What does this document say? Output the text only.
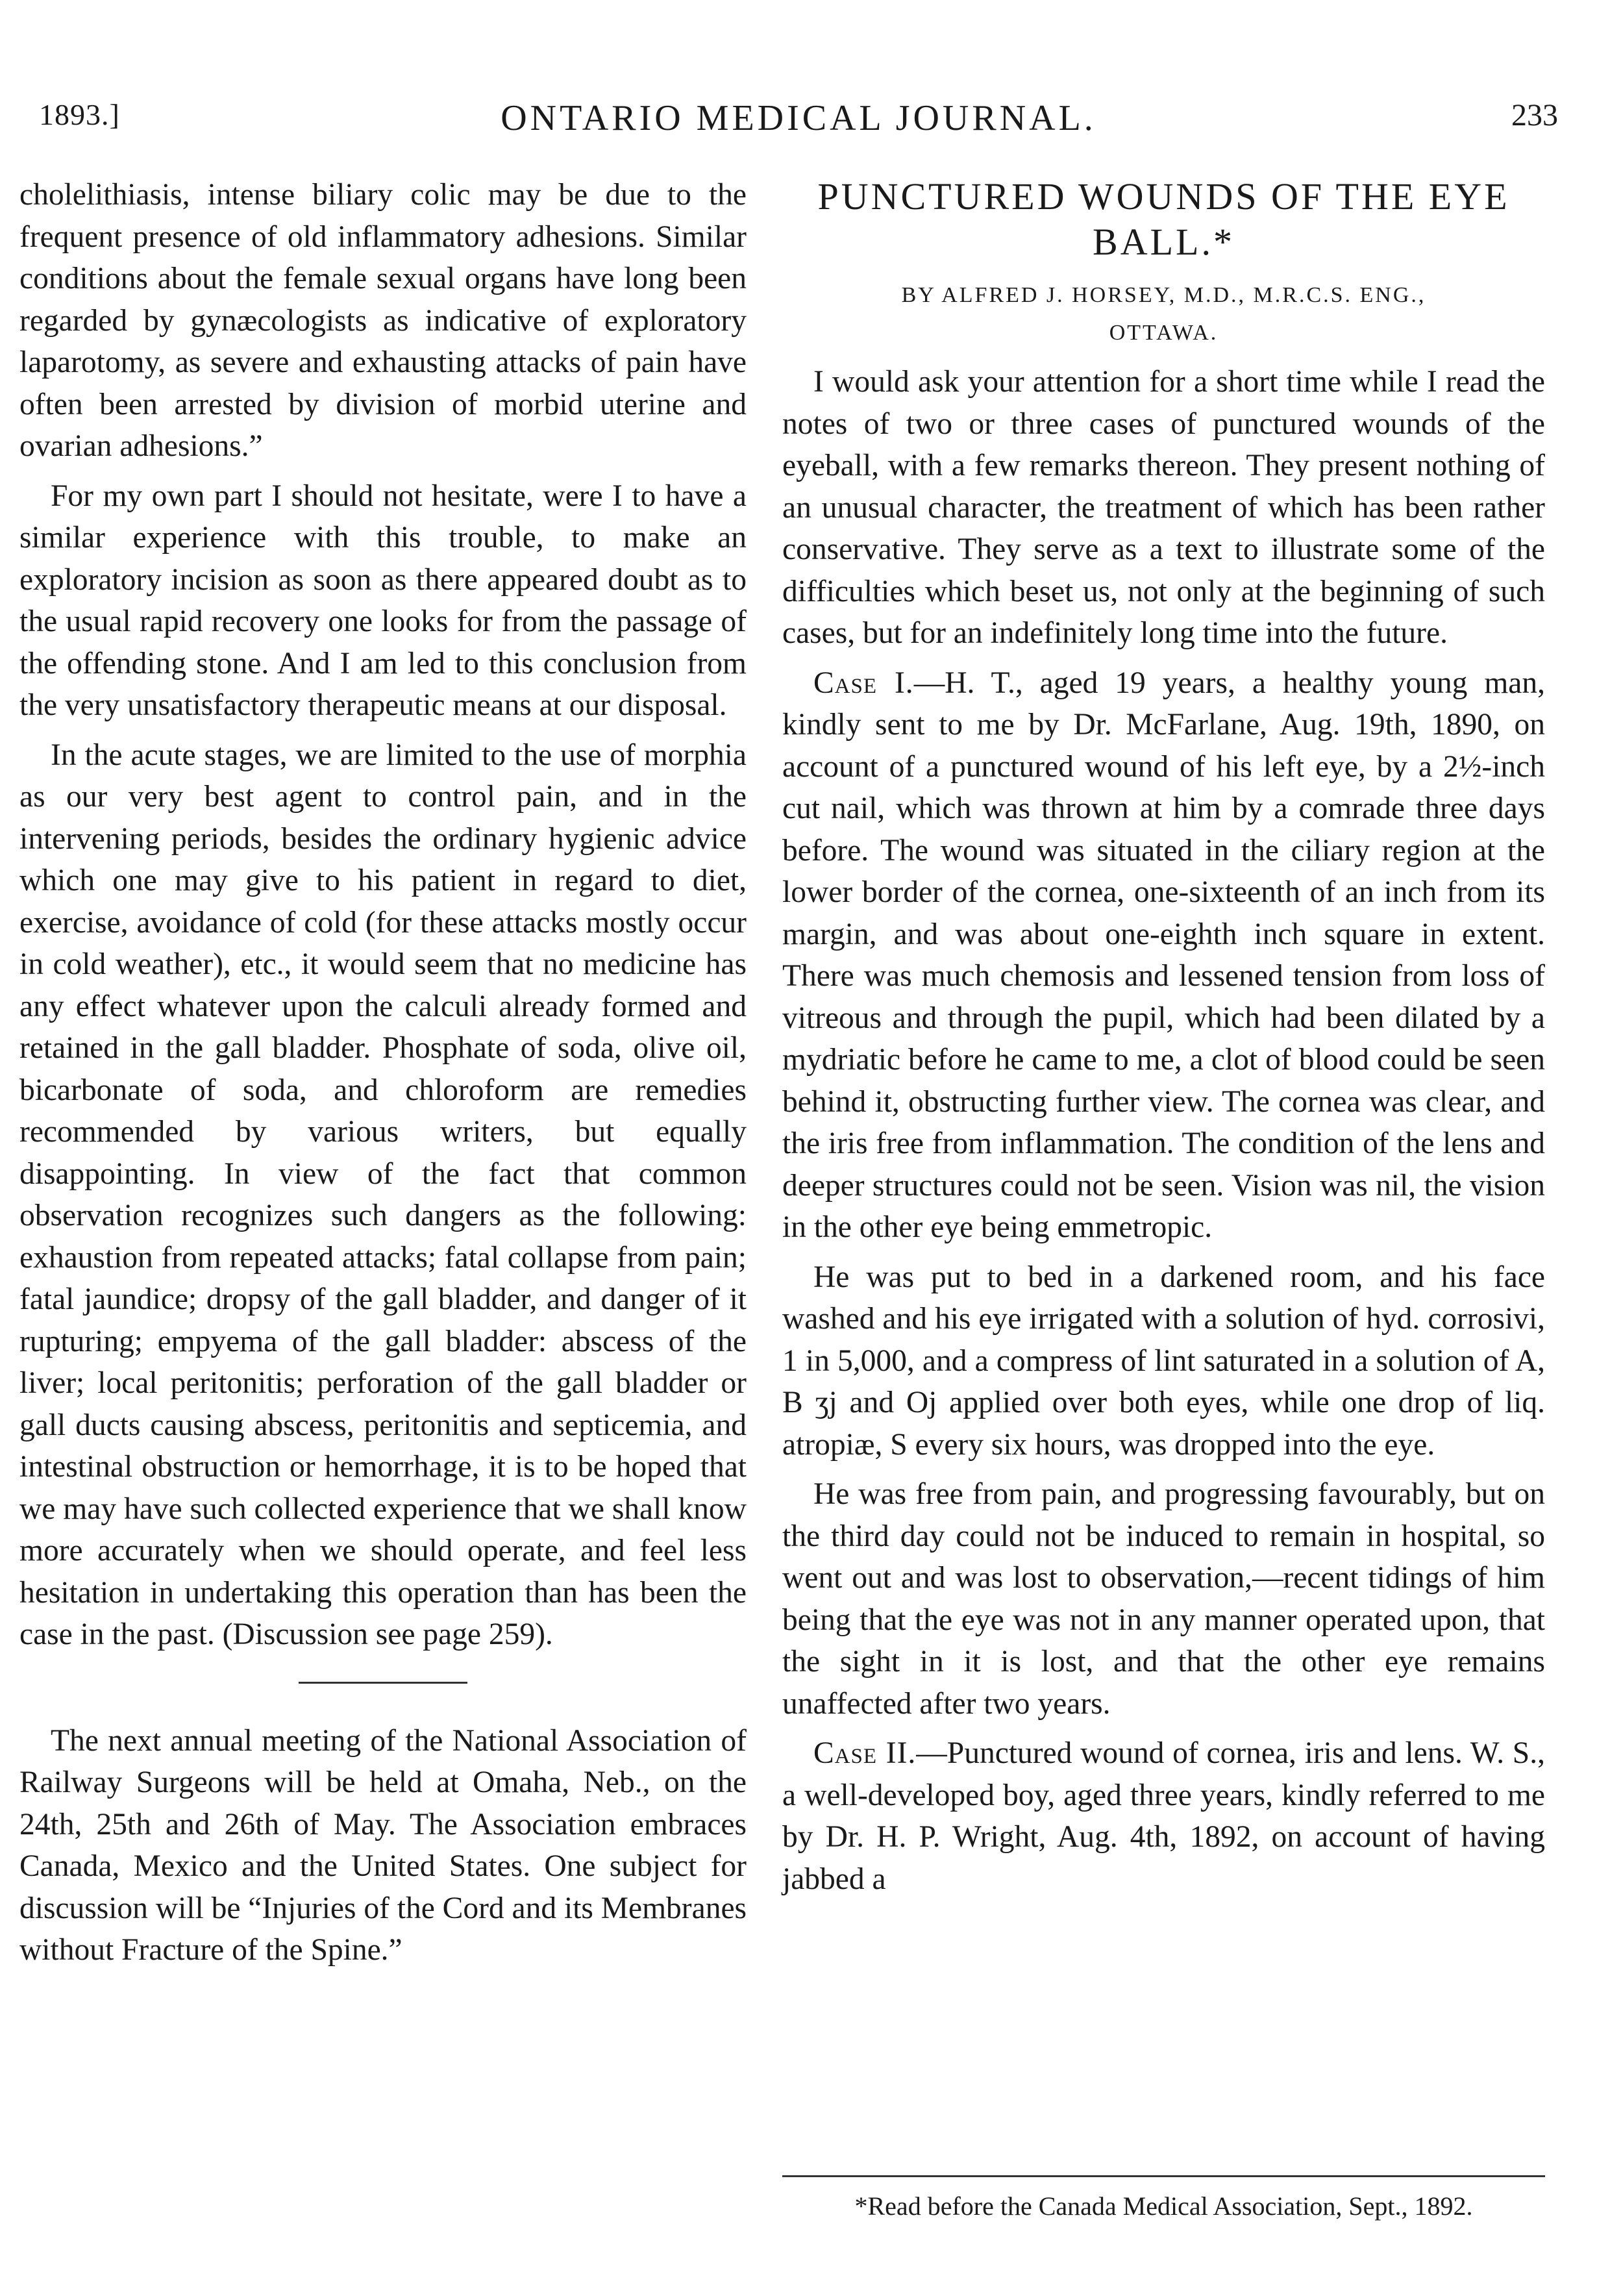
1893.]	ONTARIO MEDICAL JOURNAL.	233

cholelithiasis, intense biliary colic may be due to the frequent presence of old inflammatory adhesions. Similar conditions about the female sexual organs have long been regarded by gynæcologists as indicative of exploratory laparotomy, as severe and exhausting attacks of pain have often been arrested by division of morbid uterine and ovarian adhesions.”

For my own part I should not hesitate, were I to have a similar experience with this trouble, to make an exploratory incision as soon as there appeared doubt as to the usual rapid recovery one looks for from the passage of the offending stone. And I am led to this conclusion from the very unsatisfactory therapeutic means at our disposal.

In the acute stages, we are limited to the use of morphia as our very best agent to control pain, and in the intervening periods, besides the ordinary hygienic advice which one may give to his patient in regard to diet, exercise, avoidance of cold (for these attacks mostly occur in cold weather), etc., it would seem that no medicine has any effect whatever upon the calculi already formed and retained in the gall bladder. Phosphate of soda, olive oil, bicarbonate of soda, and chloroform are remedies recommended by various writers, but equally disappointing. In view of the fact that common observation recognizes such dangers as the following: exhaustion from repeated attacks; fatal collapse from pain; fatal jaundice; dropsy of the gall bladder, and danger of it rupturing; empyema of the gall bladder: abscess of the liver; local peritonitis; perforation of the gall bladder or gall ducts causing abscess, peritonitis and septicemia, and intestinal obstruction or hemorrhage, it is to be hoped that we may have such collected experience that we shall know more accurately when we should operate, and feel less hesitation in undertaking this operation than has been the case in the past. (Discussion see page 259).

The next annual meeting of the National Association of Railway Surgeons will be held at Omaha, Neb., on the 24th, 25th and 26th of May. The Association embraces Canada, Mexico and the United States. One subject for discussion will be “Injuries of the Cord and its Membranes without Fracture of the Spine.”

PUNCTURED WOUNDS OF THE EYE BALL.*
BY ALFRED J. HORSEY, M.D., M.R.C.S. ENG.,
OTTAWA.

I would ask your attention for a short time while I read the notes of two or three cases of punctured wounds of the eyeball, with a few remarks thereon. They present nothing of an unusual character, the treatment of which has been rather conservative. They serve as a text to illustrate some of the difficulties which beset us, not only at the beginning of such cases, but for an indefinitely long time into the future.

Case I.—H. T., aged 19 years, a healthy young man, kindly sent to me by Dr. McFarlane, Aug. 19th, 1890, on account of a punctured wound of his left eye, by a 2½-inch cut nail, which was thrown at him by a comrade three days before. The wound was situated in the ciliary region at the lower border of the cornea, one-sixteenth of an inch from its margin, and was about one-eighth inch square in extent. There was much chemosis and lessened tension from loss of vitreous and through the pupil, which had been dilated by a mydriatic before he came to me, a clot of blood could be seen behind it, obstructing further view. The cornea was clear, and the iris free from inflammation. The condition of the lens and deeper structures could not be seen. Vision was nil, the vision in the other eye being emmetropic.

He was put to bed in a darkened room, and his face washed and his eye irrigated with a solution of hyd. corrosivi, 1 in 5,000, and a compress of lint saturated in a solution of A, B ʒj and Oj applied over both eyes, while one drop of liq. atropiæ, S every six hours, was dropped into the eye.

He was free from pain, and progressing favourably, but on the third day could not be induced to remain in hospital, so went out and was lost to observation,—recent tidings of him being that the eye was not in any manner operated upon, that the sight in it is lost, and that the other eye remains unaffected after two years.

Case II.—Punctured wound of cornea, iris and lens. W. S., a well-developed boy, aged three years, kindly referred to me by Dr. H. P. Wright, Aug. 4th, 1892, on account of having jabbed a

*Read before the Canada Medical Association, Sept., 1892.
